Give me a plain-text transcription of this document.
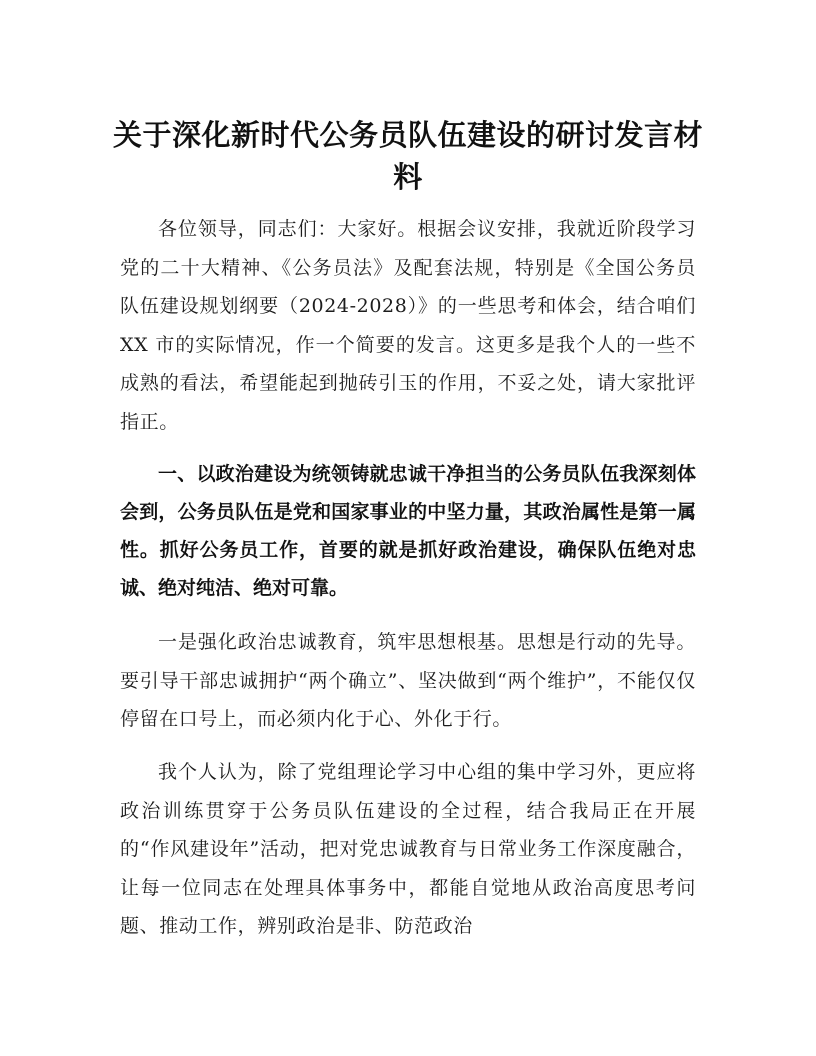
关于深化新时代公务员队伍建设的研讨发言材料

各位领导，同志们：大家好。根据会议安排，我就近阶段学习党的二十大精神、《公务员法》及配套法规，特别是《全国公务员队伍建设规划纲要（2024-2028）》的一些思考和体会，结合咱们XX 市的实际情况，作一个简要的发言。这更多是我个人的一些不成熟的看法，希望能起到抛砖引玉的作用，不妥之处，请大家批评指正。

一、以政治建设为统领铸就忠诚干净担当的公务员队伍我深刻体会到，公务员队伍是党和国家事业的中坚力量，其政治属性是第一属性。抓好公务员工作，首要的就是抓好政治建设，确保队伍绝对忠诚、绝对纯洁、绝对可靠。

一是强化政治忠诚教育，筑牢思想根基。思想是行动的先导。要引导干部忠诚拥护“两个确立”、坚决做到“两个维护”，不能仅仅停留在口号上，而必须内化于心、外化于行。

我个人认为，除了党组理论学习中心组的集中学习外，更应将政治训练贯穿于公务员队伍建设的全过程，结合我局正在开展的“作风建设年”活动，把对党忠诚教育与日常业务工作深度融合，让每一位同志在处理具体事务中，都能自觉地从政治高度思考问题、推动工作，辨别政治是非、防范政治
